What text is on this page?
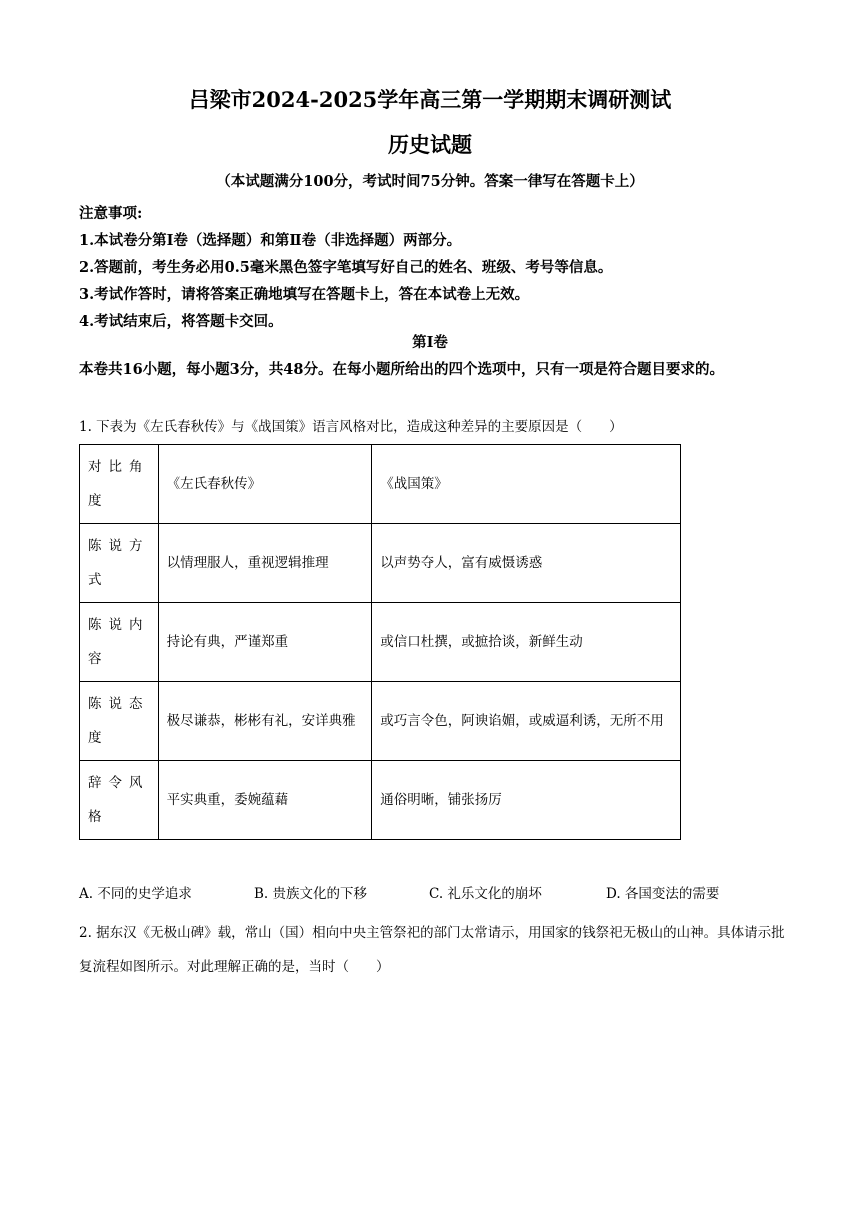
吕梁市2024-2025学年高三第一学期期末调研测试
历史试题
（本试题满分100分，考试时间75分钟。答案一律写在答题卡上）
注意事项:
1.本试卷分第Ⅰ卷（选择题）和第Ⅱ卷（非选择题）两部分。
2.答题前，考生务必用0.5毫米黑色签字笔填写好自己的姓名、班级、考号等信息。
3.考试作答时，请将答案正确地填写在答题卡上，答在本试卷上无效。
4.考试结束后，将答题卡交回。
第Ⅰ卷
本卷共16小题，每小题3分，共48分。在每小题所给出的四个选项中，只有一项是符合题目要求的。
1. 下表为《左氏春秋传》与《战国策》语言风格对比，造成这种差异的主要原因是（　　）
对比角度	《左氏春秋传》	《战国策》
陈说方式	以情理服人，重视逻辑推理	以声势夺人，富有威慑诱惑
陈说内容	持论有典，严谨郑重	或信口杜撰，或摭拾谈，新鲜生动
陈说态度	极尽谦恭，彬彬有礼，安详典雅	或巧言令色，阿谀谄媚，或威逼利诱，无所不用
辞令风格	平实典重，委婉蕴藉	通俗明晰，铺张扬厉
A. 不同的史学追求	B. 贵族文化的下移	C. 礼乐文化的崩坏	D. 各国变法的需要
2. 据东汉《无极山碑》载，常山（国）相向中央主管祭祀的部门太常请示，用国家的钱祭祀无极山的山神。具体请示批复流程如图所示。对此理解正确的是，当时（　　）
